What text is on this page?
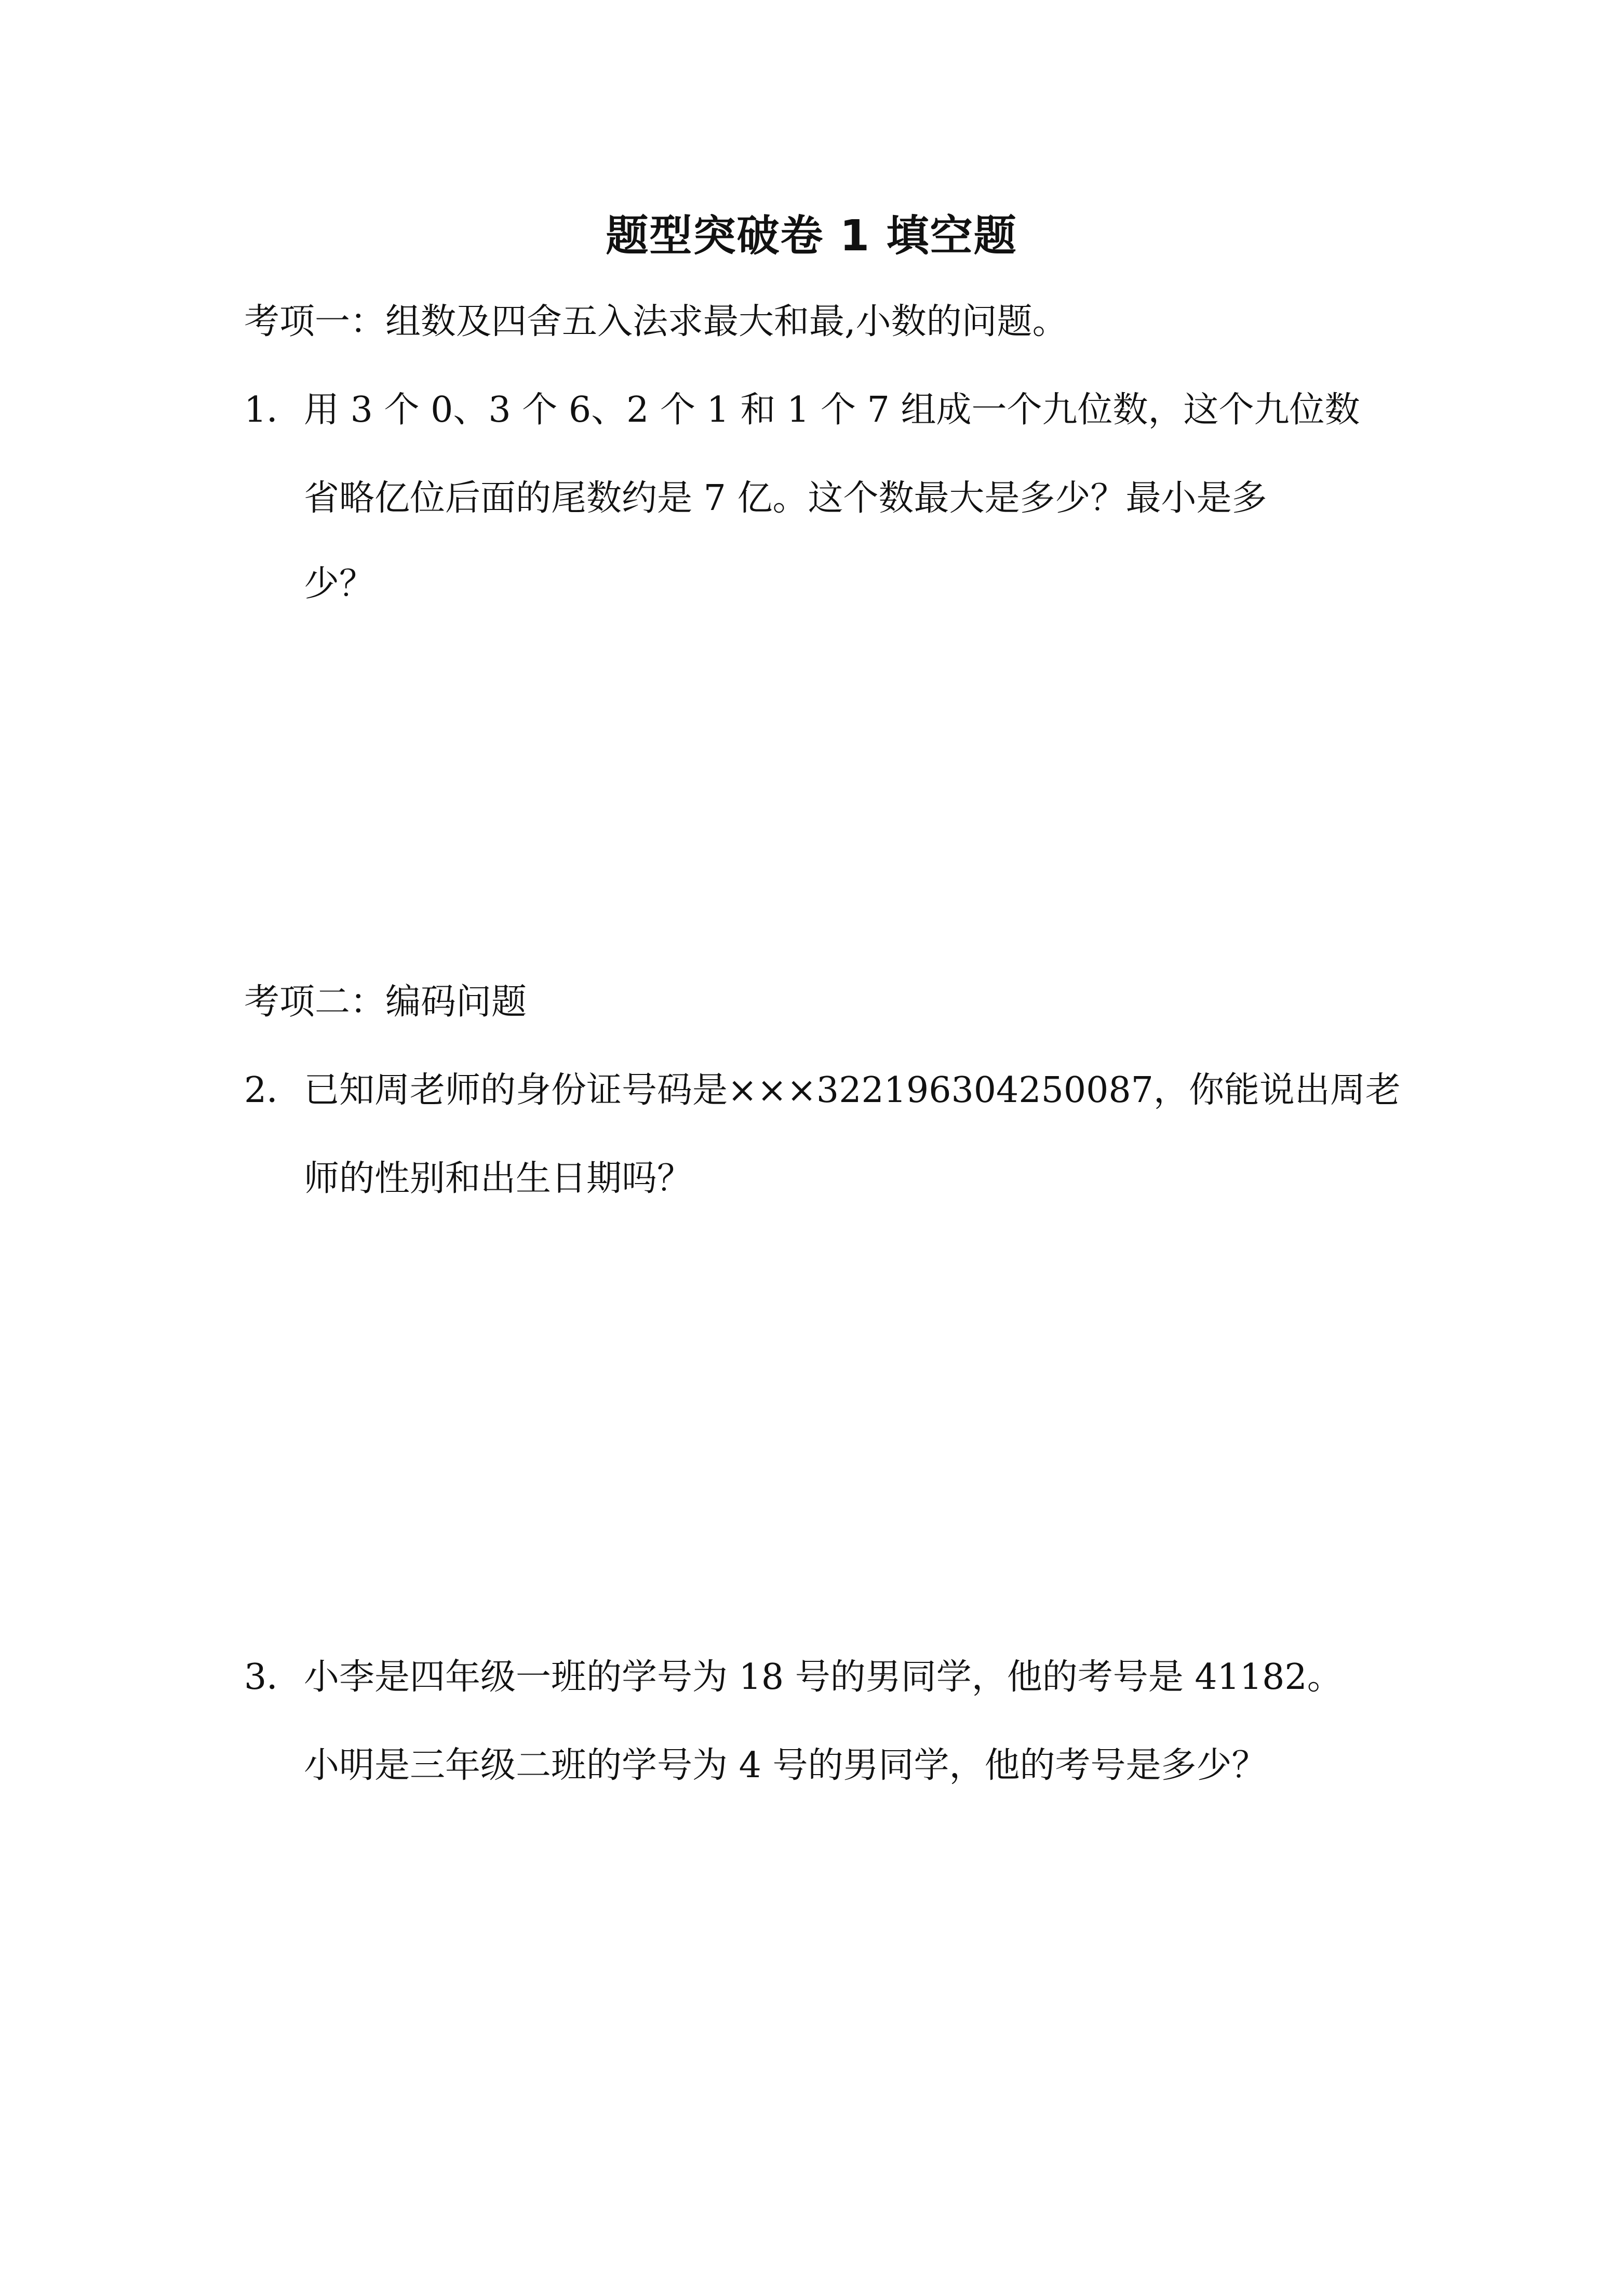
题型突破卷 1 填空题
考项一：组数及四舍五入法求最大和最,小数的问题。
1．用 3 个 0、3 个 6、2 个 1 和 1 个 7 组成一个九位数，这个九位数
省略亿位后面的尾数约是 7 亿。这个数最大是多少？最小是多
少？
考项二：编码问题
2．已知周老师的身份证号码是×××322196304250087，你能说出周老
师的性别和出生日期吗？
3．小李是四年级一班的学号为 18 号的男同学，他的考号是 41182。
小明是三年级二班的学号为 4 号的男同学，他的考号是多少？
